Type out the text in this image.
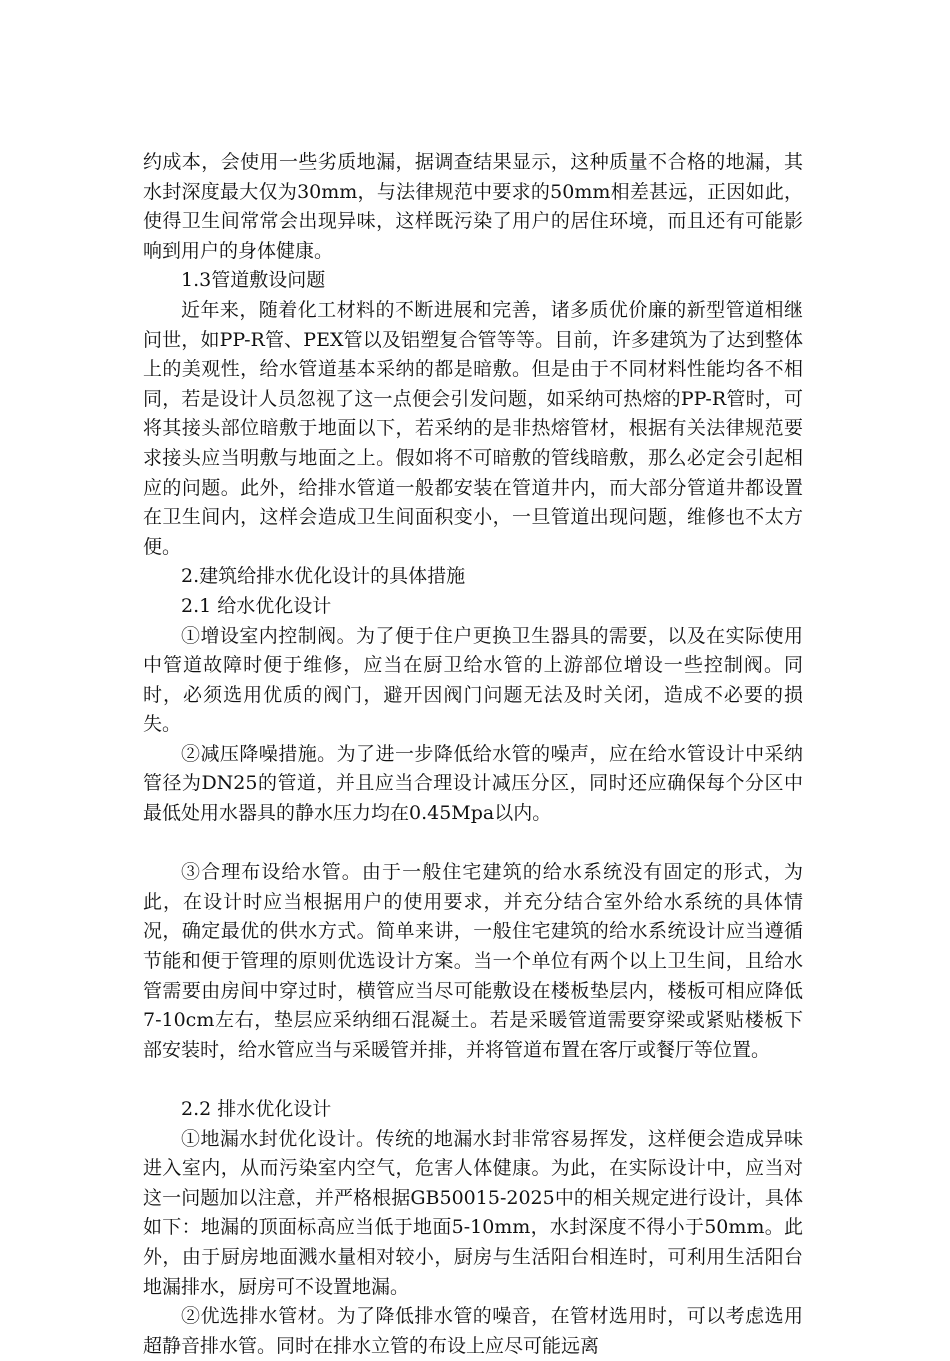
约成本，会使用一些劣质地漏，据调查结果显示，这种质量不合格的地漏，其水封深度最大仅为30mm，与法律规范中要求的50mm相差甚远，正因如此，使得卫生间常常会出现异味，这样既污染了用户的居住环境，而且还有可能影响到用户的身体健康。

1.3管道敷设问题

近年来，随着化工材料的不断进展和完善，诸多质优价廉的新型管道相继问世，如PP-R管、PEX管以及铝塑复合管等等。目前，许多建筑为了达到整体上的美观性，给水管道基本采纳的都是暗敷。但是由于不同材料性能均各不相同，若是设计人员忽视了这一点便会引发问题，如采纳可热熔的PP-R管时，可将其接头部位暗敷于地面以下，若采纳的是非热熔管材，根据有关法律规范要求接头应当明敷与地面之上。假如将不可暗敷的管线暗敷，那么必定会引起相应的问题。此外，给排水管道一般都安装在管道井内，而大部分管道井都设置在卫生间内，这样会造成卫生间面积变小，一旦管道出现问题，维修也不太方便。

2.建筑给排水优化设计的具体措施

2.1 给水优化设计

①增设室内控制阀。为了便于住户更换卫生器具的需要，以及在实际使用中管道故障时便于维修，应当在厨卫给水管的上游部位增设一些控制阀。同时，必须选用优质的阀门，避开因阀门问题无法及时关闭，造成不必要的损失。

②减压降噪措施。为了进一步降低给水管的噪声，应在给水管设计中采纳管径为DN25的管道，并且应当合理设计减压分区，同时还应确保每个分区中最低处用水器具的静水压力均在0.45Mpa以内。

③合理布设给水管。由于一般住宅建筑的给水系统没有固定的形式，为此，在设计时应当根据用户的使用要求，并充分结合室外给水系统的具体情况，确定最优的供水方式。简单来讲，一般住宅建筑的给水系统设计应当遵循节能和便于管理的原则优选设计方案。当一个单位有两个以上卫生间，且给水管需要由房间中穿过时，横管应当尽可能敷设在楼板垫层内，楼板可相应降低7-10cm左右，垫层应采纳细石混凝土。若是采暖管道需要穿梁或紧贴楼板下部安装时，给水管应当与采暖管并排，并将管道布置在客厅或餐厅等位置。

2.2 排水优化设计

①地漏水封优化设计。传统的地漏水封非常容易挥发，这样便会造成异味进入室内，从而污染室内空气，危害人体健康。为此，在实际设计中，应当对这一问题加以注意，并严格根据GB50015-2025中的相关规定进行设计，具体如下：地漏的顶面标高应当低于地面5-10mm，水封深度不得小于50mm。此外，由于厨房地面溅水量相对较小，厨房与生活阳台相连时，可利用生活阳台地漏排水，厨房可不设置地漏。

②优选排水管材。为了降低排水管的噪音，在管材选用时，可以考虑选用超静音排水管。同时在排水立管的布设上应尽可能远离
